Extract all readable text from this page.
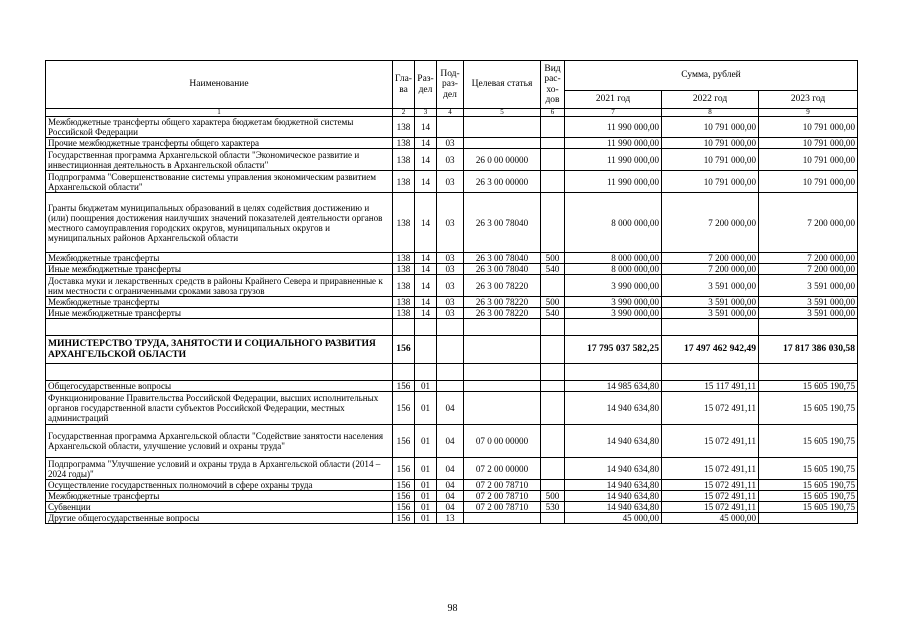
Наименование	Гла-ва	Раз-дел	Под-раз-дел	Целевая статья	Вид рас-хо-дов	Сумма, рублей		
						2021 год	2022 год	2023 год
1	2	3	4	5	6	7	8	9
Межбюджетные трансферты общего характера бюджетам бюджетной системы Российской Федерации	138	14				11 990 000,00	10 791 000,00	10 791 000,00
Прочие межбюджетные трансферты общего характера	138	14	03			11 990 000,00	10 791 000,00	10 791 000,00
Государственная программа Архангельской области "Экономическое развитие и инвестиционная деятельность в Архангельской области"	138	14	03	26 0 00 00000		11 990 000,00	10 791 000,00	10 791 000,00
Подпрограмма "Совершенствование системы управления экономическим развитием Архангельской области"	138	14	03	26 3 00 00000		11 990 000,00	10 791 000,00	10 791 000,00
Гранты бюджетам муниципальных образований в целях содействия достижению и (или) поощрения достижения наилучших значений показателей деятельности органов местного самоуправления городских округов, муниципальных округов и муниципальных районов Архангельской области	138	14	03	26 3 00 78040		8 000 000,00	7 200 000,00	7 200 000,00
Межбюджетные трансферты	138	14	03	26 3 00 78040	500	8 000 000,00	7 200 000,00	7 200 000,00
Иные межбюджетные трансферты	138	14	03	26 3 00 78040	540	8 000 000,00	7 200 000,00	7 200 000,00
Доставка муки и лекарственных средств в районы Крайнего Севера и приравненные к ним местности с ограниченными сроками завоза грузов	138	14	03	26 3 00 78220		3 990 000,00	3 591 000,00	3 591 000,00
Межбюджетные трансферты	138	14	03	26 3 00 78220	500	3 990 000,00	3 591 000,00	3 591 000,00
Иные межбюджетные трансферты	138	14	03	26 3 00 78220	540	3 990 000,00	3 591 000,00	3 591 000,00

МИНИСТЕРСТВО ТРУДА, ЗАНЯТОСТИ И СОЦИАЛЬНОГО РАЗВИТИЯ АРХАНГЕЛЬСКОЙ ОБЛАСТИ	156					17 795 037 582,25	17 497 462 942,49	17 817 386 030,58

Общегосударственные вопросы	156	01				14 985 634,80	15 117 491,11	15 605 190,75
Функционирование Правительства Российской Федерации, высших исполнительных органов государственной власти субъектов Российской Федерации, местных администраций	156	01	04			14 940 634,80	15 072 491,11	15 605 190,75
Государственная программа Архангельской области "Содействие занятости населения Архангельской области, улучшение условий и охраны труда"	156	01	04	07 0 00 00000		14 940 634,80	15 072 491,11	15 605 190,75
Подпрограмма "Улучшение условий и охраны труда в Архангельской области (2014 – 2024 годы)"	156	01	04	07 2 00 00000		14 940 634,80	15 072 491,11	15 605 190,75
Осуществление государственных полномочий в сфере охраны труда	156	01	04	07 2 00 78710		14 940 634,80	15 072 491,11	15 605 190,75
Межбюджетные трансферты	156	01	04	07 2 00 78710	500	14 940 634,80	15 072 491,11	15 605 190,75
Субвенции	156	01	04	07 2 00 78710	530	14 940 634,80	15 072 491,11	15 605 190,75
Другие общегосударственные вопросы	156	01	13			45 000,00	45 000,00	
98
